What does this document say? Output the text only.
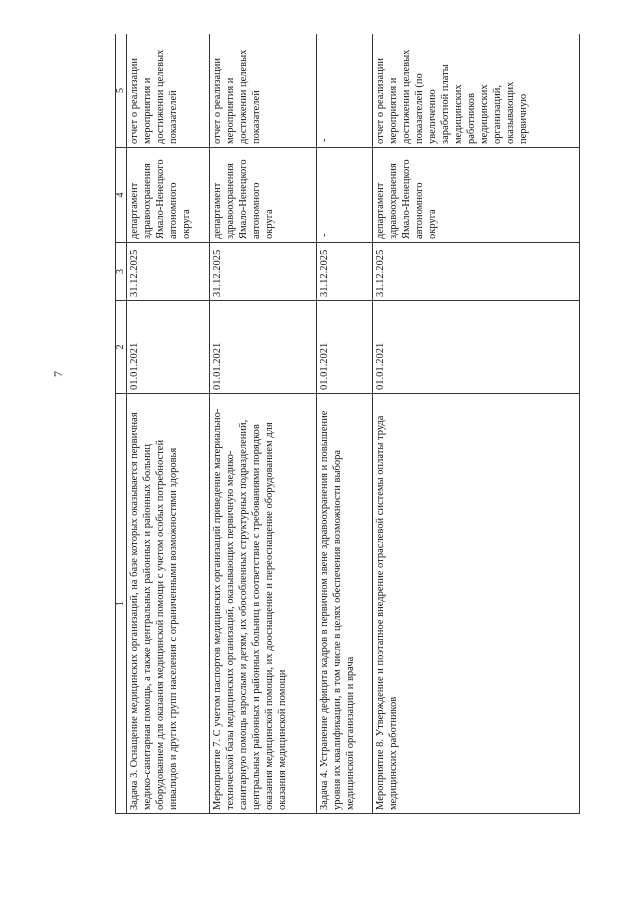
7
1	2	3	4	5
Задача 3. Оснащение медицинских организаций, на базе которых оказывается первичная медико-санитарная помощь, а также центральных районных и районных больниц оборудованием для оказания медицинской помощи с учетом особых потребностей инвалидов и других групп населения с ограниченными возможностями здоровья	01.01.2021	31.12.2025	департамент здравоохранения Ямало-Ненецкого автономного округа	отчет о реализации мероприятия и достижении целевых показателей
Мероприятие 7. С учетом паспортов медицинских организаций приведение материально-технической базы медицинских организаций, оказывающих первичную медико-санитарную помощь взрослым и детям, их обособленных структурных подразделений, центральных районных и районных больниц в соответствие с требованиями порядков оказания медицинской помощи, их дооснащение и переоснащение оборудованием для оказания медицинской помощи	01.01.2021	31.12.2025	департамент здравоохранения Ямало-Ненецкого автономного округа	отчет о реализации мероприятия и достижении целевых показателей
Задача 4. Устранение дефицита кадров в первичном звене здравоохранения и повышение уровня их квалификации, в том числе в целях обеспечения возможности выбора медицинской организации и врача	01.01.2021	31.12.2025	-	-

Мероприятие 8. Утверждение и поэтапное внедрение отраслевой системы оплаты труда медицинских работников	01.01.2021	31.12.2025	департамент здравоохранения Ямало-Ненецкого автономного округа	отчет о реализации мероприятия и достижении целевых показателей (по увеличению заработной платы медицинских работников медицинских организаций, оказывающих первичную
